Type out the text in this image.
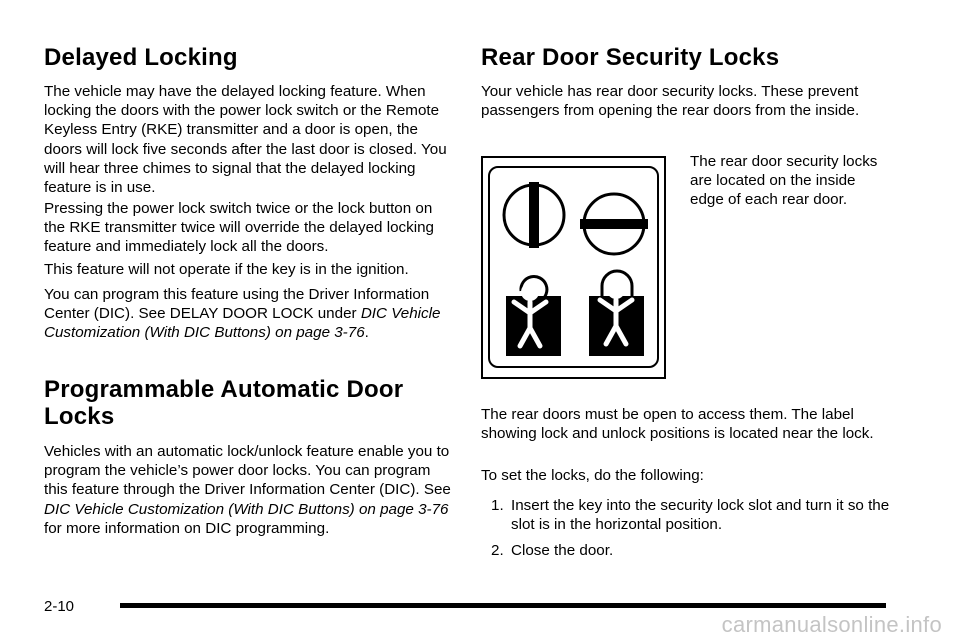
Delayed Locking

The vehicle may have the delayed locking feature. When locking the doors with the power lock switch or the Remote Keyless Entry (RKE) transmitter and a door is open, the doors will lock five seconds after the last door is closed. You will hear three chimes to signal that the delayed locking feature is in use.

Pressing the power lock switch twice or the lock button on the RKE transmitter twice will override the delayed locking feature and immediately lock all the doors.

This feature will not operate if the key is in the ignition.

You can program this feature using the Driver Information Center (DIC). See DELAY DOOR LOCK under DIC Vehicle Customization (With DIC Buttons) on page 3-76.

Programmable Automatic Door
Locks

Vehicles with an automatic lock/unlock feature enable you to program the vehicle’s power door locks. You can program this feature through the Driver Information Center (DIC). See DIC Vehicle Customization (With DIC Buttons) on page 3-76 for more information on DIC programming.

Rear Door Security Locks

Your vehicle has rear door security locks. These prevent passengers from opening the rear doors from the inside.

The rear door security locks are located on the inside edge of each rear door.

The rear doors must be open to access them. The label showing lock and unlock positions is located near the lock.

To set the locks, do the following:

1. Insert the key into the security lock slot and turn it so the slot is in the horizontal position.

2. Close the door.

2-10
carmanualsonline.info
